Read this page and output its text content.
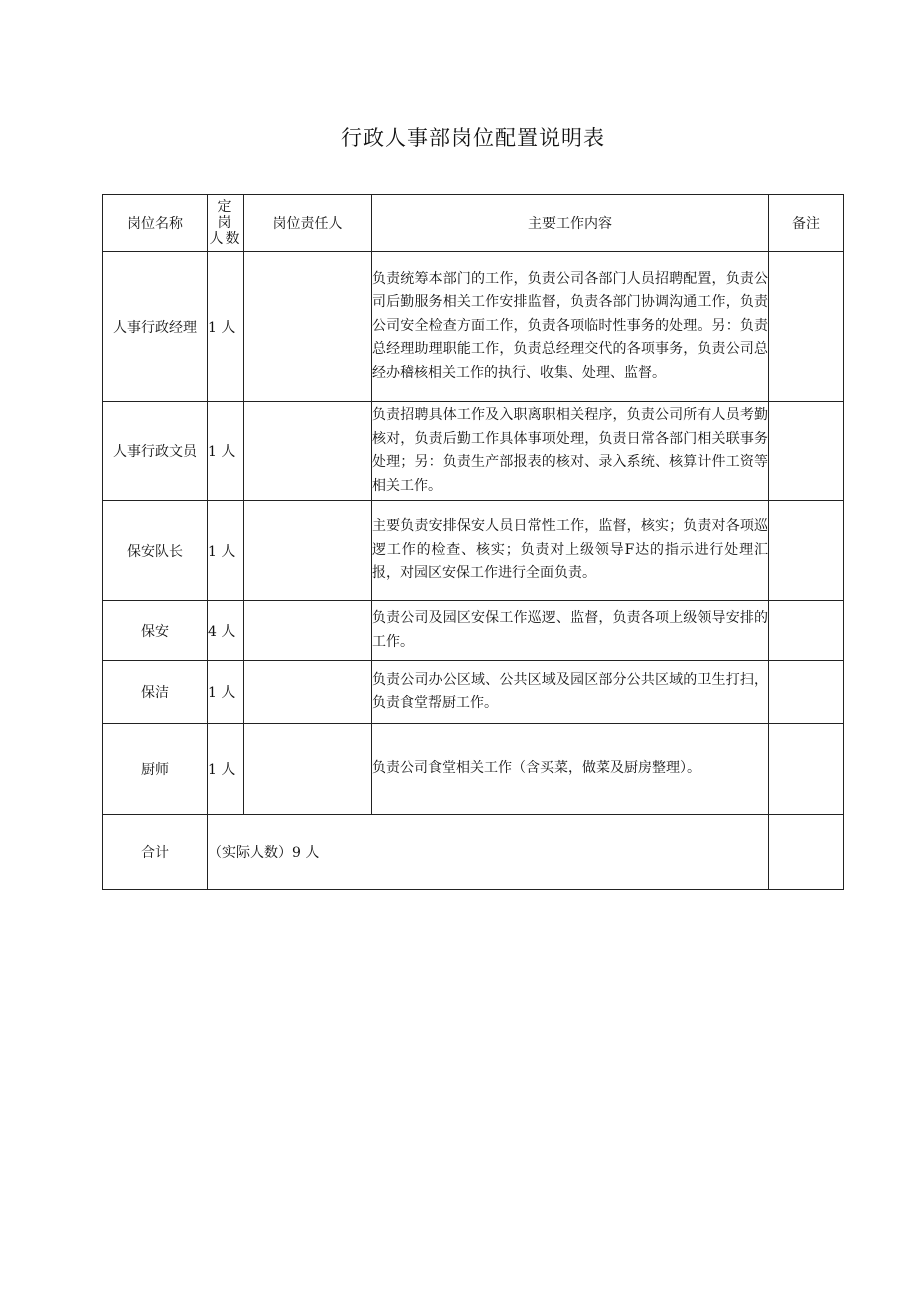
行政人事部岗位配置说明表
岗位名称	定 岗 人数	岗位责任人	主要工作内容	备注
人事行政经理	1 人		负责统筹本部门的工作，负责公司各部门人员招聘配置，负责公司后勤服务相关工作安排监督，负责各部门协调沟通工作，负责公司安全检查方面工作，负责各项临时性事务的处理。另：负责总经理助理职能工作，负责总经理交代的各项事务，负责公司总经办稽核相关工作的执行、收集、处理、监督。	
人事行政文员	1 人		负责招聘具体工作及入职离职相关程序，负责公司所有人员考勤核对，负责后勤工作具体事项处理，负责日常各部门相关联事务处理；另：负责生产部报表的核对、录入系统、核算计件工资等相关工作。	
保安队长	1 人		主要负责安排保安人员日常性工作，监督，核实；负责对各项巡逻工作的检查、核实；负责对上级领导F达的指示进行处理汇报，对园区安保工作进行全面负责。	
保安	4 人		负责公司及园区安保工作巡逻、监督，负责各项上级领导安排的工作。	
保洁	1 人		负责公司办公区域、公共区域及园区部分公共区域的卫生打扫，负责食堂帮厨工作。	
厨师	1 人		负责公司食堂相关工作（含买菜，做菜及厨房整理）。	
合计	（实际人数）9 人			
